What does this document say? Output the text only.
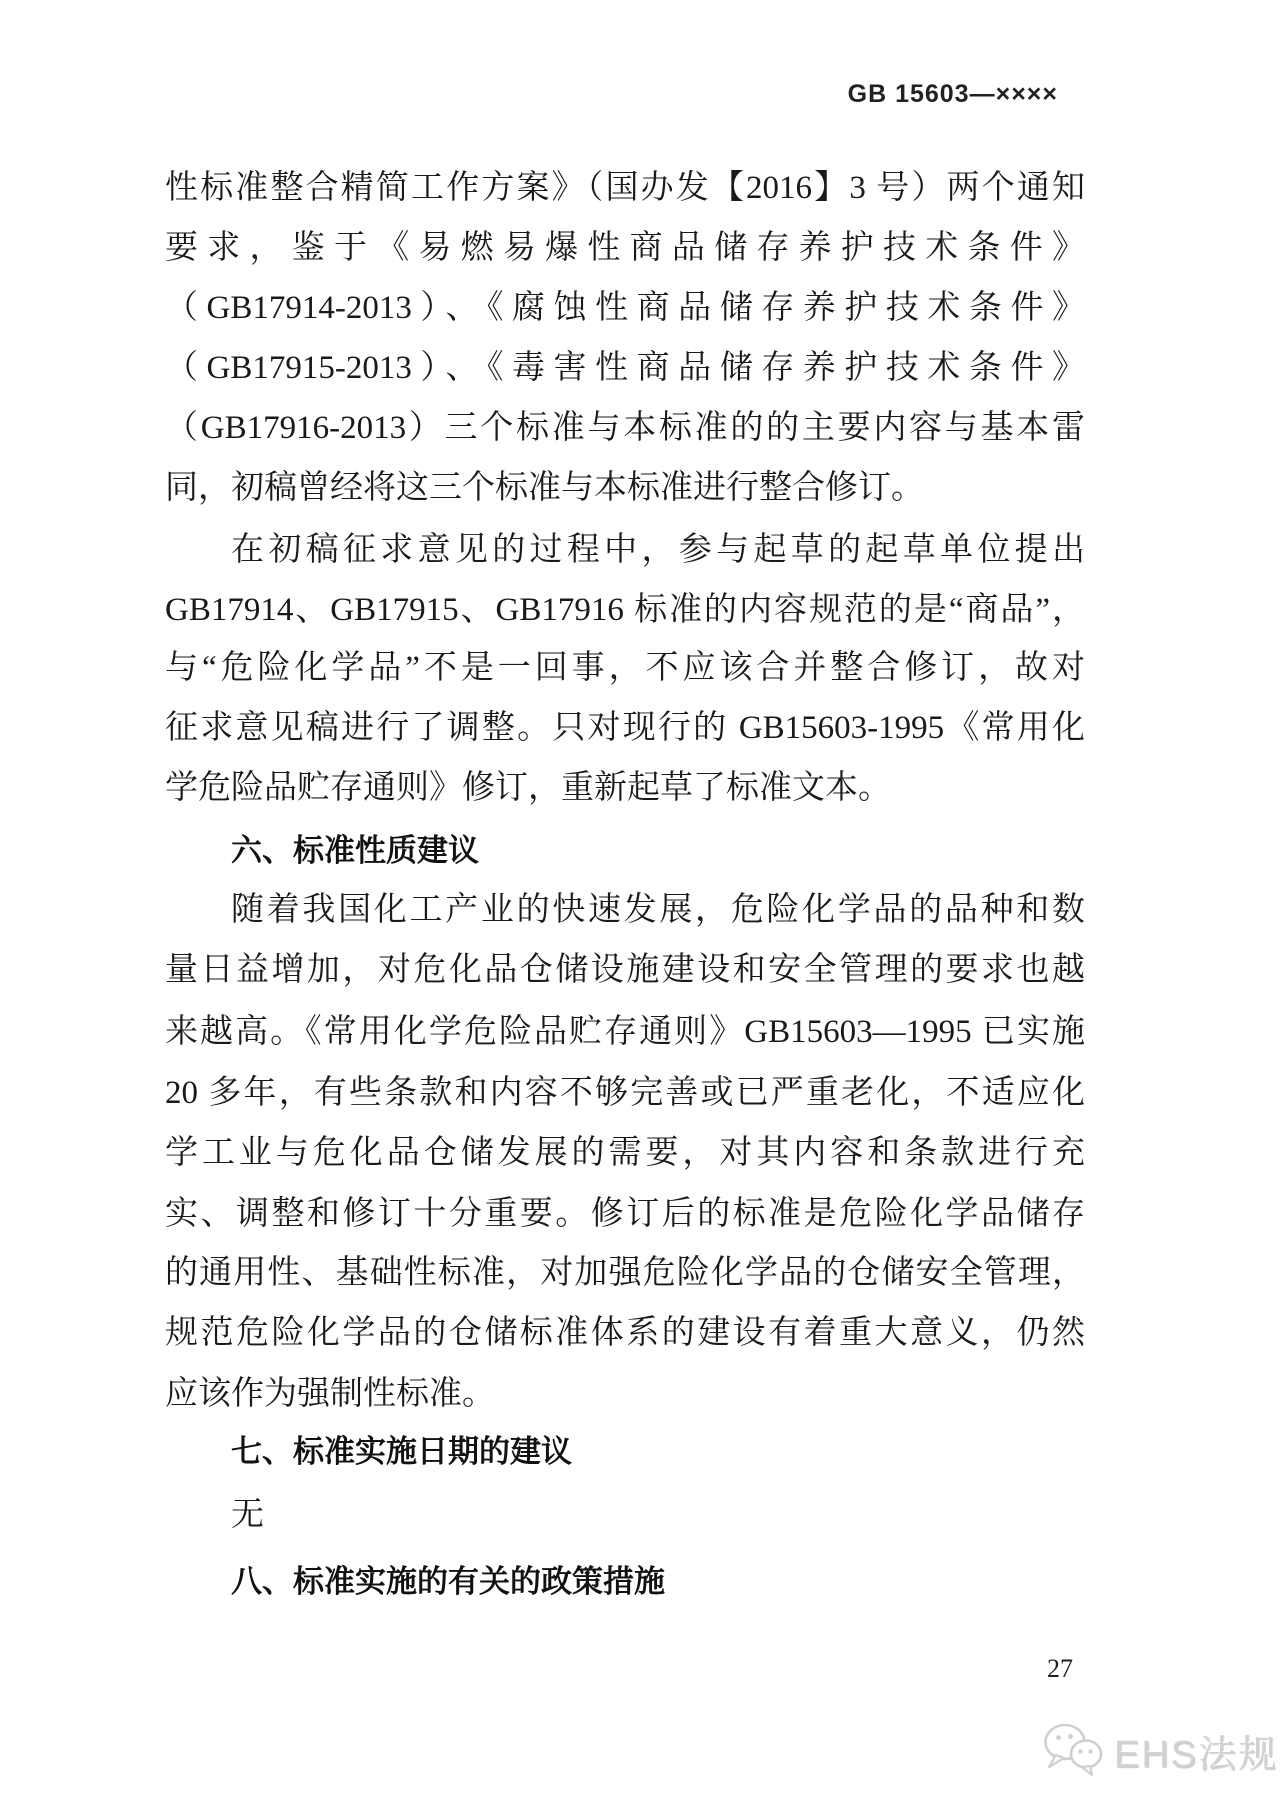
GB 15603—××××
性标准整合精简工作方案》（国办发【2016】3 号）两个通知
要求，鉴于《易燃易爆性商品储存养护技术条件》
（GB17914-2013）、《腐蚀性商品储存养护技术条件》
（GB17915-2013）、《毒害性商品储存养护技术条件》
（GB17916-2013）三个标准与本标准的的主要内容与基本雷
同，初稿曾经将这三个标准与本标准进行整合修订。
在初稿征求意见的过程中，参与起草的起草单位提出
GB17914、GB17915、GB17916 标准的内容规范的是“商品”，
与“危险化学品”不是一回事，不应该合并整合修订，故对
征求意见稿进行了调整。只对现行的 GB15603-1995《常用化
学危险品贮存通则》修订，重新起草了标准文本。
六、标准性质建议
随着我国化工产业的快速发展，危险化学品的品种和数
量日益增加，对危化品仓储设施建设和安全管理的要求也越
来越高。《常用化学危险品贮存通则》GB15603—1995 已实施
20 多年，有些条款和内容不够完善或已严重老化，不适应化
学工业与危化品仓储发展的需要，对其内容和条款进行充
实、调整和修订十分重要。修订后的标准是危险化学品储存
的通用性、基础性标准，对加强危险化学品的仓储安全管理，
规范危险化学品的仓储标准体系的建设有着重大意义，仍然
应该作为强制性标准。
七、标准实施日期的建议
无
八、标准实施的有关的政策措施
27
EHS法规
